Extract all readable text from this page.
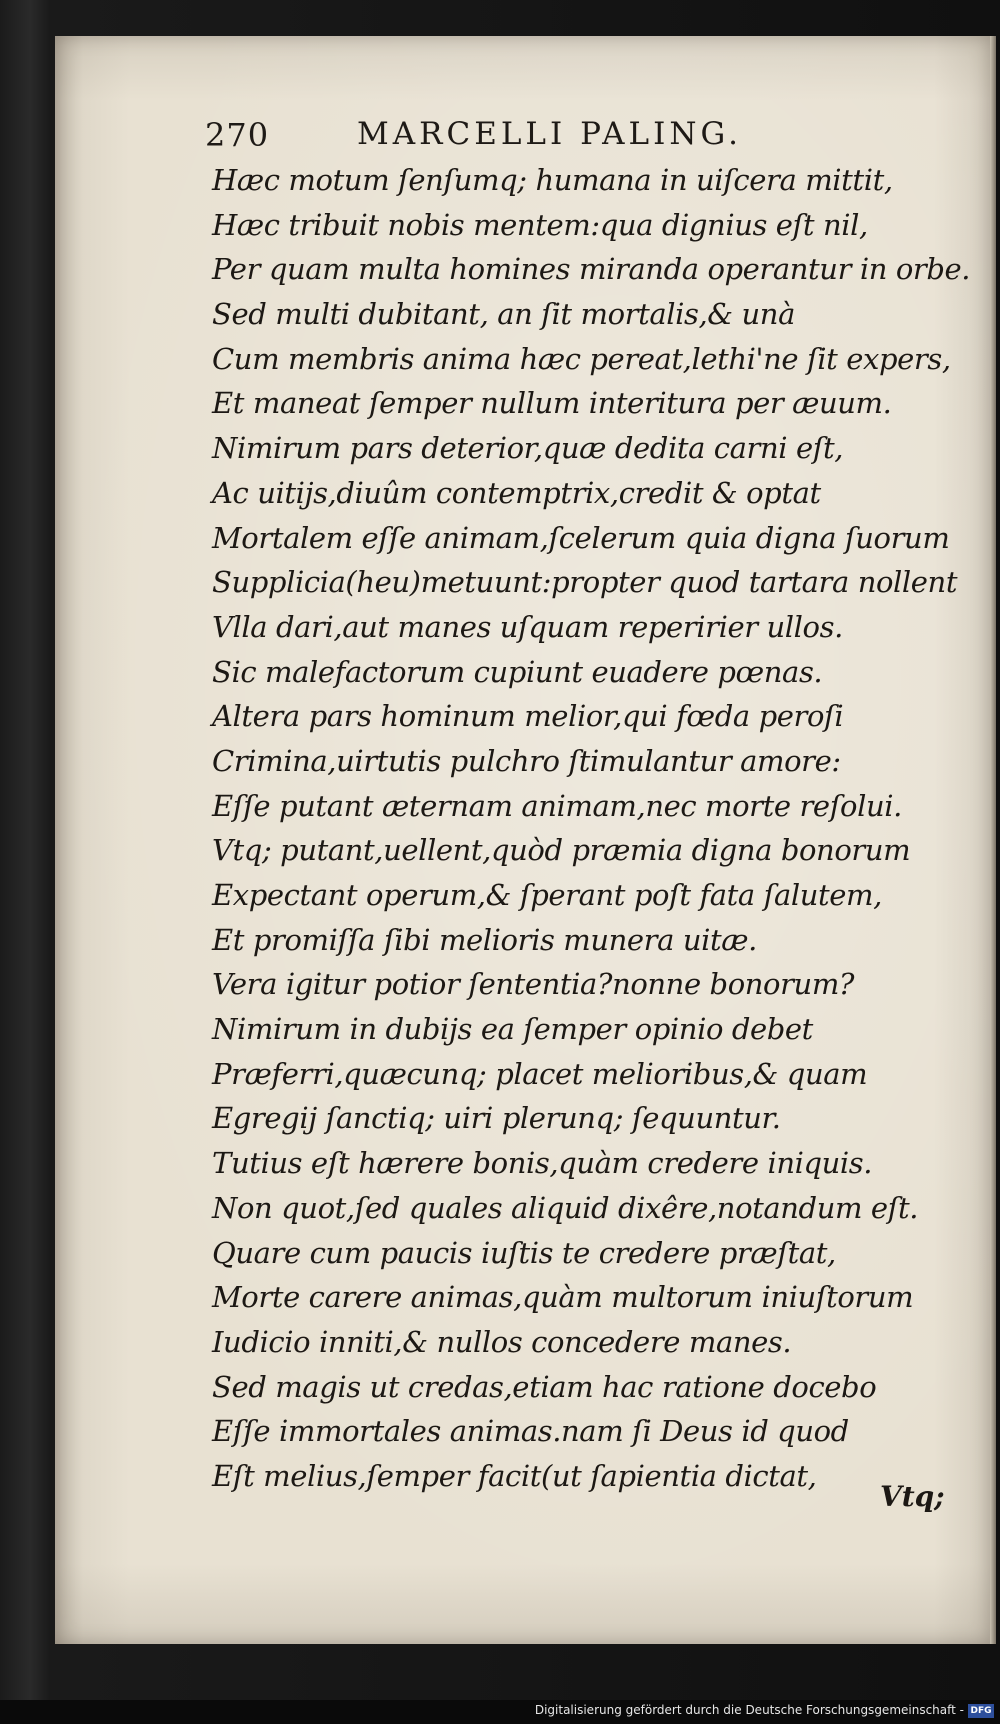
270	MARCELLI PALING.
Hæc motum ſenſumq; humana in uiſcera mittit,
Hæc tribuit nobis mentem:qua dignius eſt nil,
Per quam multa homines miranda operantur in orbe.
Sed multi dubitant, an ſit mortalis,& unà
Cum membris anima hæc pereat,lethi'ne ſit expers,
Et maneat ſemper nullum interitura per æuum.
Nimirum pars deterior,quæ dedita carni eſt,
Ac uitijs,diuûm contemptrix,credit & optat
Mortalem eſſe animam,ſcelerum quia digna ſuorum
Supplicia(heu)metuunt:propter quod tartara nollent
Vlla dari,aut manes uſquam reperirier ullos.
Sic malefactorum cupiunt euadere pœnas.
Altera pars hominum melior,qui fœda peroſi
Crimina,uirtutis pulchro ſtimulantur amore:
Eſſe putant æternam animam,nec morte reſolui.
Vtq; putant,uellent,quòd præmia digna bonorum
Expectant operum,& ſperant poſt fata ſalutem,
Et promiſſa ſibi melioris munera uitæ.
Vera igitur potior ſententia?nonne bonorum?
Nimirum in dubijs ea ſemper opinio debet
Præferri,quæcunq; placet melioribus,& quam
Egregij ſanctiq; uiri plerunq; ſequuntur.
Tutius eſt hærere bonis,quàm credere iniquis.
Non quot,ſed quales aliquid dixêre,notandum eſt.
Quare cum paucis iuſtis te credere præſtat,
Morte carere animas,quàm multorum iniuſtorum
Iudicio inniti,& nullos concedere manes.
Sed magis ut credas,etiam hac ratione docebo
Eſſe immortales animas.nam ſi Deus id quod
Eſt melius,ſemper facit(ut ſapientia dictat,
Vtq;
Digitalisierung gefördert durch die Deutsche Forschungsgemeinschaft - DFG
